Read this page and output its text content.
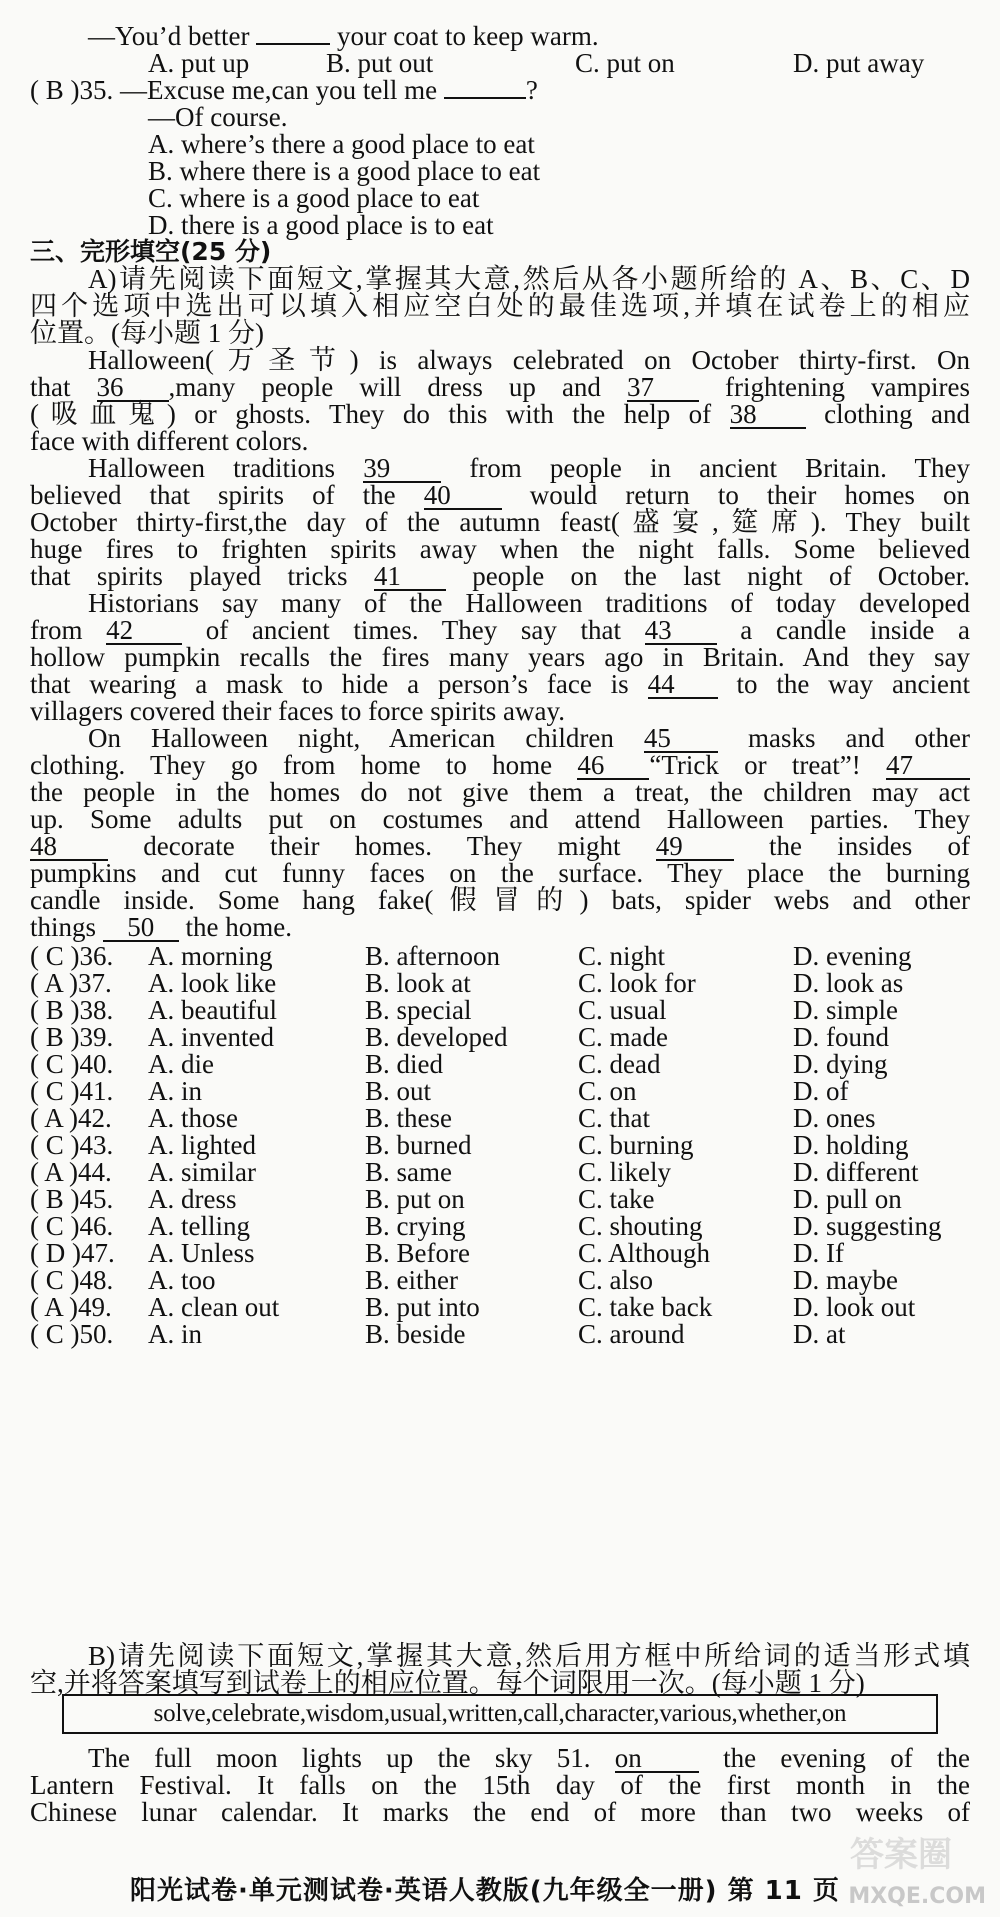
—You’d better	your coat to keep warm.
A. put up	B. put out	C. put on	D. put away
( B )35. —Excuse me,can you tell me	?
—Of course.
A. where’s there a good place to eat
B. where there is a good place to eat
C. where is a good place to eat
D. there is a good place is to eat
三、完形填空(25 分)
A)请先阅读下面短文,掌握其大意,然后从各小题所给的 A、B、C、D
四个选项中选出可以填入相应空白处的最佳选项,并填在试卷上的相应
位置。(每小题 1 分)
Halloween(万圣节) is always celebrated on October thirty-first. On
that 36 ,many people will dress up and 37	frightening vampires
(吸血鬼) or ghosts. They do this with the help of 38 clothing and
face with different colors.
Halloween traditions 39	from people in ancient Britain. They
believed that spirits of the 40	would return to their homes on
October thirty-first,the day of the autumn feast(盛宴,筵席). They built
huge fires to frighten spirits away when the night falls. Some believed
that spirits played tricks 41	people on the last night of October.
Historians say many of the Halloween traditions of today developed
from 42	of ancient times. They say that 43	a candle inside a
hollow pumpkin recalls the fires many years ago in Britain. And they say
that wearing a mask to hide a person’s face is 44 to the way ancient
villagers covered their faces to force spirits away.
On Halloween night, American children 45	masks and other
clothing. They go from home to home 46 “Trick or treat”! 47
the people in the homes do not give them a treat, the children may act
up. Some adults put on costumes and attend Halloween parties. They
48	decorate their homes. They might 49	the insides of
pumpkins and cut funny faces on the surface. They place the burning
candle inside. Some hang fake(假冒的) bats, spider webs and other
things 50 the home.
( C )36. A. morning	B. afternoon	C. night	D. evening
( A )37. A. look like	B. look at	C. look for	D. look as
( B )38. A. beautiful	B. special	C. usual	D. simple
( B )39. A. invented	B. developed	C. made	D. found
( C )40. A. die	B. died	C. dead	D. dying
( C )41. A. in	B. out	C. on	D. of
( A )42. A. those	B. these	C. that	D. ones
( C )43. A. lighted	B. burned	C. burning	D. holding
( A )44. A. similar	B. same	C. likely	D. different
( B )45. A. dress	B. put on	C. take	D. pull on
( C )46. A. telling	B. crying	C. shouting	D. suggesting
( D )47. A. Unless	B. Before	C. Although	D. If
( C )48. A. too	B. either	C. also	D. maybe
( A )49. A. clean out	B. put into	C. take back	D. look out
( C )50. A. in	B. beside	C. around	D. at
B)请先阅读下面短文,掌握其大意,然后用方框中所给词的适当形式填
空,并将答案填写到试卷上的相应位置。每个词限用一次。(每小题 1 分)
solve,celebrate,wisdom,usual,written,call,character,various,whether,on
The full moon lights up the sky 51. on	the evening of the
Lantern Festival. It falls on the 15th day of the first month in the
Chinese lunar calendar. It marks the end of more than two weeks of
阳光试卷·单元测试卷·英语人教版(九年级全一册) 第 11 页
答案圈
MXQE.COM
